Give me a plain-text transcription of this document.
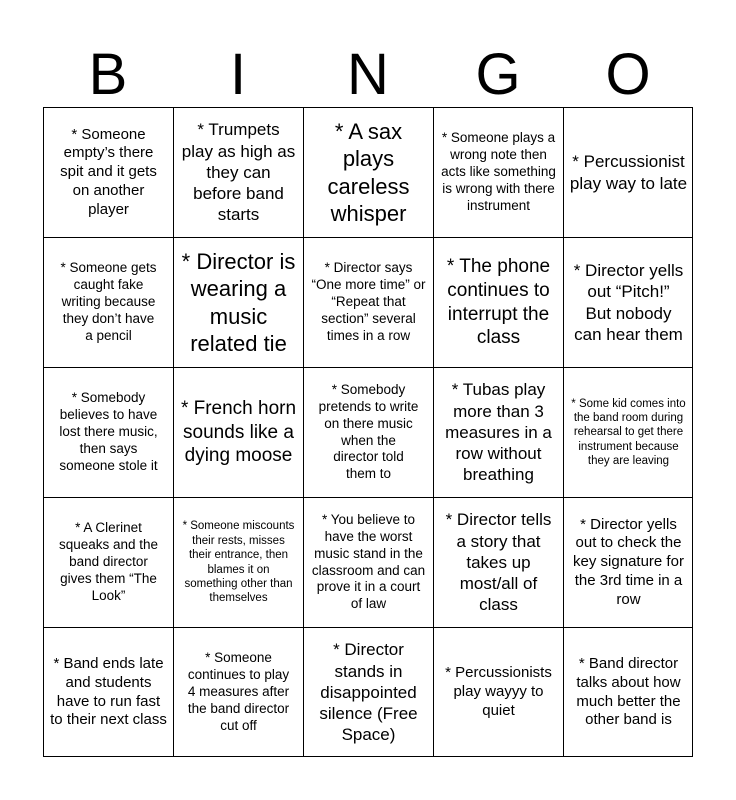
B	I	N	G	O
* Someone empty’s there spit and it gets on another player
* Trumpets play as high as they can before band starts
* A sax plays careless whisper
* Someone plays a wrong note then acts like something is wrong with there instrument
* Percussionist play way to late
* Someone gets caught fake writing because they don’t have a pencil
* Director is wearing a music related tie
* Director says “One more time” or “Repeat that section” several times in a row
* The phone continues to interrupt the class
* Director yells out “Pitch!” But nobody can hear them
* Somebody believes to have lost there music, then says someone stole it
* French horn sounds like a dying moose
* Somebody pretends to write on there music when the director told them to
* Tubas play more than 3 measures in a row without breathing
* Some kid comes into the band room during rehearsal to get there instrument because they are leaving
* A Clerinet squeaks and the band director gives them “The Look”
* Someone miscounts their rests, misses their entrance, then blames it on something other than themselves
* You believe to have the worst music stand in the classroom and can prove it in a court of law
* Director tells a story that takes up most/all of class
* Director yells out to check the key signature for the 3rd time in a row
* Band ends late and students have to run fast to their next class
* Someone continues to play 4 measures after the band director cut off
* Director stands in disappointed silence (Free Space)
* Percussionists play wayyy to quiet
* Band director talks about how much better the other band is
